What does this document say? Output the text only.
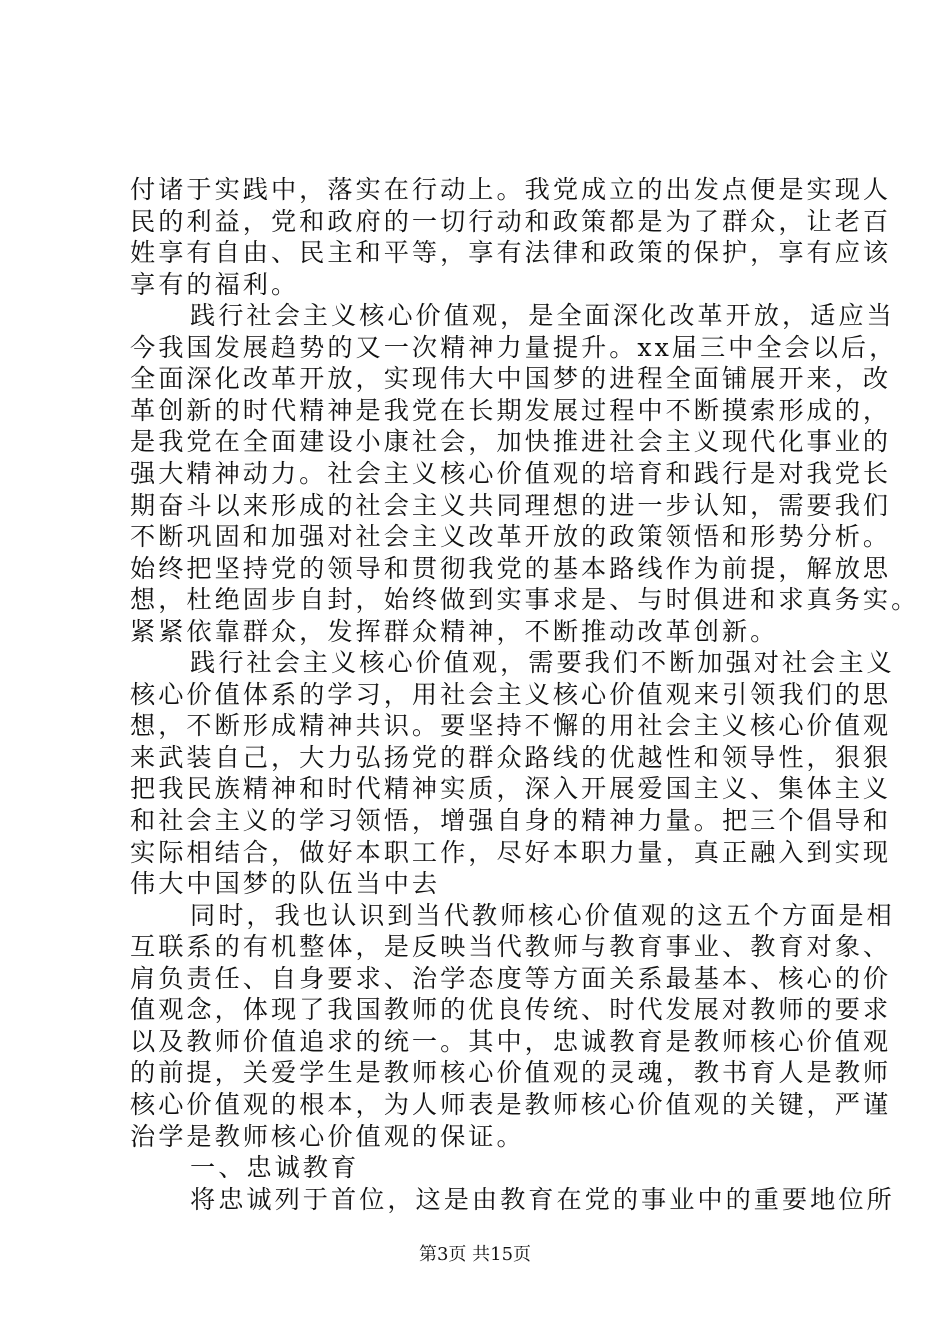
付诸于实践中，落实在行动上。我党成立的出发点便是实现人
民的利益，党和政府的一切行动和政策都是为了群众，让老百
姓享有自由、民主和平等，享有法律和政策的保护，享有应该
享有的福利。
践行社会主义核心价值观，是全面深化改革开放，适应当
今我国发展趋势的又一次精神力量提升。xx届三中全会以后，
全面深化改革开放，实现伟大中国梦的进程全面铺展开来，改
革创新的时代精神是我党在长期发展过程中不断摸索形成的，
是我党在全面建设小康社会，加快推进社会主义现代化事业的
强大精神动力。社会主义核心价值观的培育和践行是对我党长
期奋斗以来形成的社会主义共同理想的进一步认知，需要我们
不断巩固和加强对社会主义改革开放的政策领悟和形势分析。
始终把坚持党的领导和贯彻我党的基本路线作为前提，解放思
想，杜绝固步自封，始终做到实事求是、与时俱进和求真务实。
紧紧依靠群众，发挥群众精神，不断推动改革创新。
践行社会主义核心价值观，需要我们不断加强对社会主义
核心价值体系的学习，用社会主义核心价值观来引领我们的思
想，不断形成精神共识。要坚持不懈的用社会主义核心价值观
来武装自己，大力弘扬党的群众路线的优越性和领导性，狠狠
把我民族精神和时代精神实质，深入开展爱国主义、集体主义
和社会主义的学习领悟，增强自身的精神力量。把三个倡导和
实际相结合，做好本职工作，尽好本职力量，真正融入到实现
伟大中国梦的队伍当中去
同时，我也认识到当代教师核心价值观的这五个方面是相
互联系的有机整体，是反映当代教师与教育事业、教育对象、
肩负责任、自身要求、治学态度等方面关系最基本、核心的价
值观念，体现了我国教师的优良传统、时代发展对教师的要求
以及教师价值追求的统一。其中，忠诚教育是教师核心价值观
的前提，关爱学生是教师核心价值观的灵魂，教书育人是教师
核心价值观的根本，为人师表是教师核心价值观的关键，严谨
治学是教师核心价值观的保证。
一、忠诚教育
将忠诚列于首位，这是由教育在党的事业中的重要地位所
第3页 共15页
